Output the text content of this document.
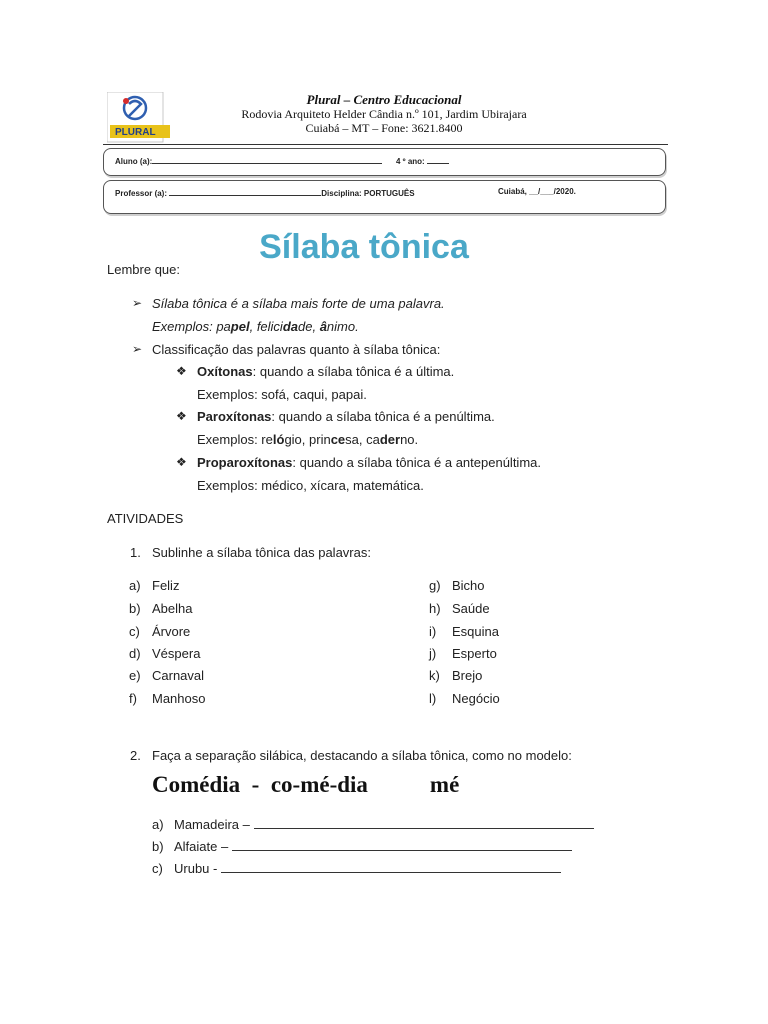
PLURAL
Plural – Centro Educacional
Rodovia Arquiteto Helder Cândia n.º 101, Jardim Ubirajara
Cuiabá – MT – Fone: 3621.8400
Aluno (a):	4 º ano:
Professor (a):	Disciplina: PORTUGUÊS	Cuiabá, __/___/2020.
Sílaba tônica
Lembre que:
➢ Sílaba tônica é a sílaba mais forte de uma palavra.
Exemplos: papel, felicidade, ânimo.
➢ Classificação das palavras quanto à sílaba tônica:
❖ Oxítonas: quando a sílaba tônica é a última.
Exemplos: sofá, caqui, papai.
❖ Paroxítonas: quando a sílaba tônica é a penúltima.
Exemplos: relógio, princesa, caderno.
❖ Proparoxítonas: quando a sílaba tônica é a antepenúltima.
Exemplos: médico, xícara, matemática.
ATIVIDADES
1. Sublinhe a sílaba tônica das palavras:
a) Feliz
b) Abelha
c) Árvore
d) Véspera
e) Carnaval
f) Manhoso
g) Bicho
h) Saúde
i) Esquina
j) Esperto
k) Brejo
l) Negócio
2. Faça a separação silábica, destacando a sílaba tônica, como no modelo:
Comédia - co-mé-dia	mé
a) Mamadeira –
b) Alfaiate –
c) Urubu -
